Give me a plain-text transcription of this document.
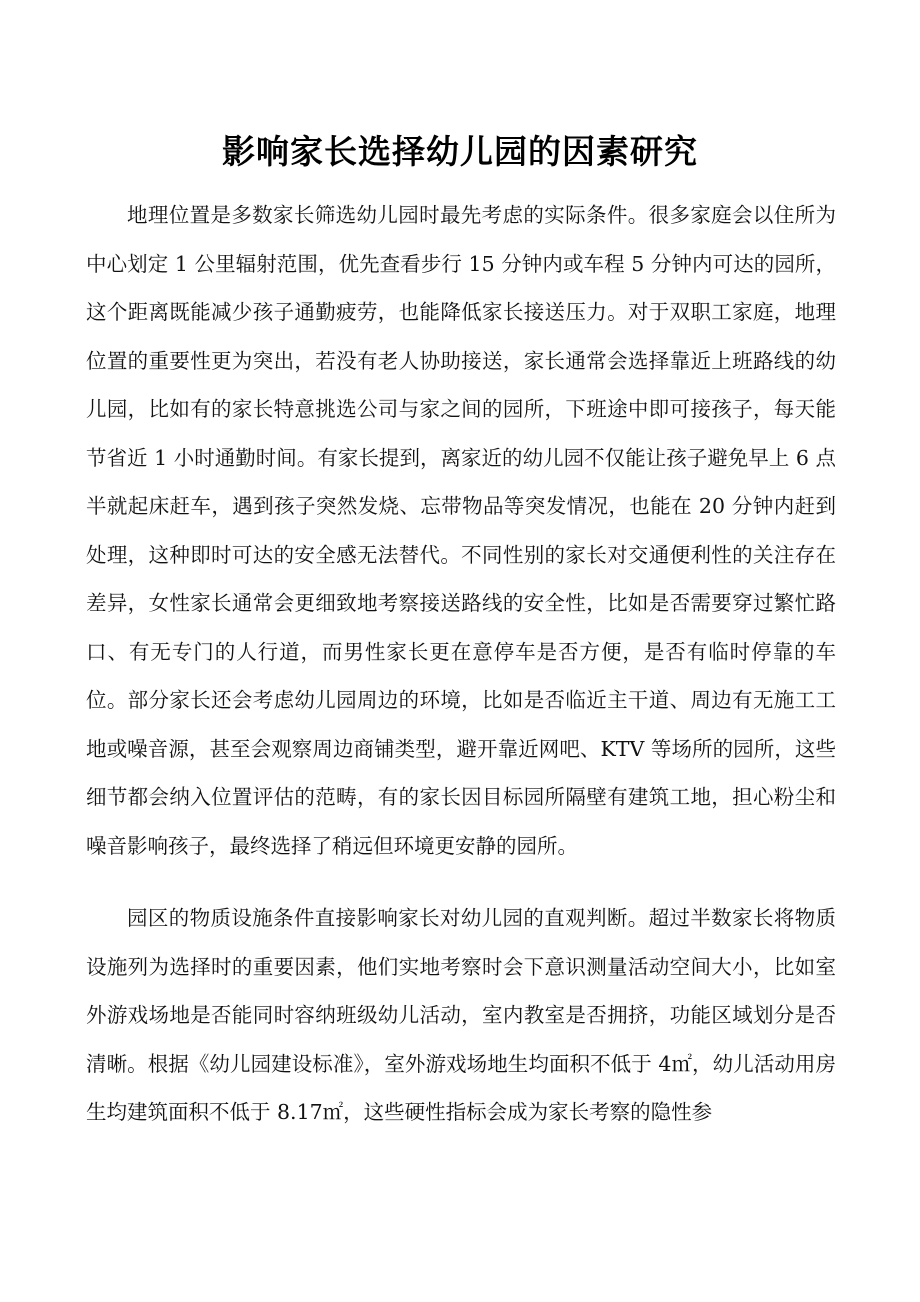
影响家长选择幼儿园的因素研究

地理位置是多数家长筛选幼儿园时最先考虑的实际条件。很多家庭会以住所为中心划定 1 公里辐射范围，优先查看步行 15 分钟内或车程 5 分钟内可达的园所，这个距离既能减少孩子通勤疲劳，也能降低家长接送压力。对于双职工家庭，地理位置的重要性更为突出，若没有老人协助接送，家长通常会选择靠近上班路线的幼儿园，比如有的家长特意挑选公司与家之间的园所，下班途中即可接孩子，每天能节省近 1 小时通勤时间。有家长提到，离家近的幼儿园不仅能让孩子避免早上 6 点半就起床赶车，遇到孩子突然发烧、忘带物品等突发情况，也能在 20 分钟内赶到处理，这种即时可达的安全感无法替代。不同性别的家长对交通便利性的关注存在差异，女性家长通常会更细致地考察接送路线的安全性，比如是否需要穿过繁忙路口、有无专门的人行道，而男性家长更在意停车是否方便，是否有临时停靠的车位。部分家长还会考虑幼儿园周边的环境，比如是否临近主干道、周边有无施工工地或噪音源，甚至会观察周边商铺类型，避开靠近网吧、KTV 等场所的园所，这些细节都会纳入位置评估的范畴，有的家长因目标园所隔壁有建筑工地，担心粉尘和噪音影响孩子，最终选择了稍远但环境更安静的园所。

园区的物质设施条件直接影响家长对幼儿园的直观判断。超过半数家长将物质设施列为选择时的重要因素，他们实地考察时会下意识测量活动空间大小，比如室外游戏场地是否能同时容纳班级幼儿活动，室内教室是否拥挤，功能区域划分是否清晰。根据《幼儿园建设标准》，室外游戏场地生均面积不低于 4㎡，幼儿活动用房生均建筑面积不低于 8.17㎡，这些硬性指标会成为家长考察的隐性参
